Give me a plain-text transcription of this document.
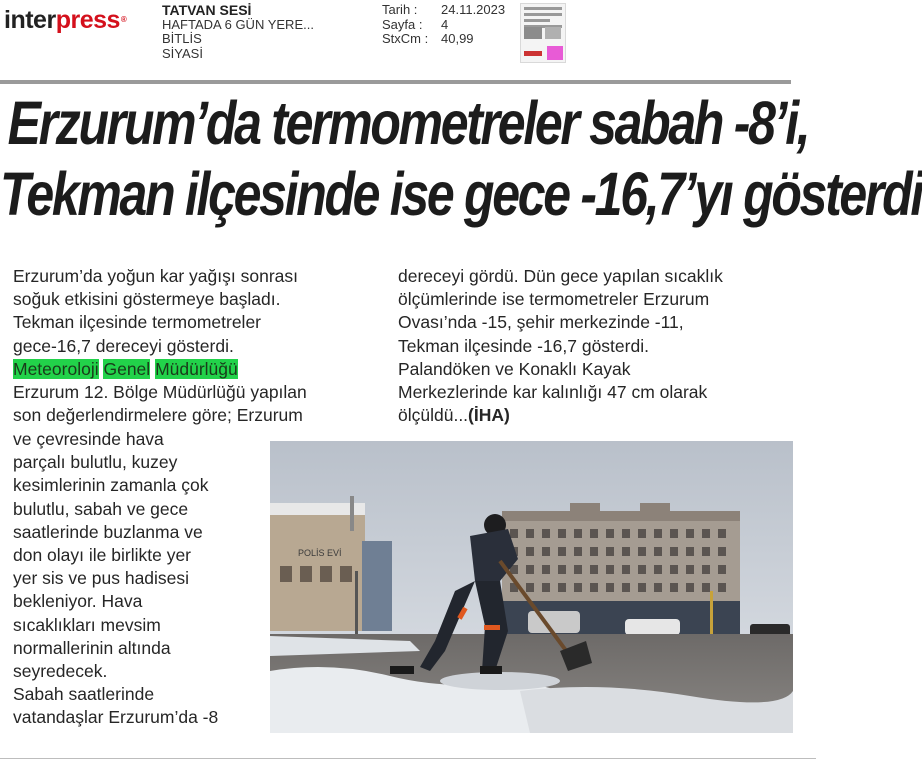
interpress®
TATVAN SESİ
HAFTADA 6 GÜN YERE...
BİTLİS
SİYASİ
Tarih :	24.11.2023
Sayfa :	4
StxCm : 40,99
Erzurum’da termometreler sabah -8’i,
Tekman ilçesinde ise gece -16,7’yı gösterdi
Erzurum’da yoğun kar yağışı sonrası
soğuk etkisini göstermeye başladı.
Tekman ilçesinde termometreler
gece-16,7 dereceyi gösterdi.
Meteoroloji Genel Müdürlüğü
Erzurum 12. Bölge Müdürlüğü yapılan
son değerlendirmelere göre; Erzurum
ve çevresinde hava
parçalı bulutlu, kuzey
kesimlerinin zamanla çok
bulutlu, sabah ve gece
saatlerinde buzlanma ve
don olayı ile birlikte yer
yer sis ve pus hadisesi
bekleniyor. Hava
sıcaklıkları mevsim
normallerinin altında
seyredecek.
Sabah saatlerinde
vatandaşlar Erzurum’da -8
dereceyi gördü. Dün gece yapılan sıcaklık
ölçümlerinde ise termometreler Erzurum
Ovası’nda -15, şehir merkezinde -11,
Tekman ilçesinde -16,7 gösterdi.
Palandöken ve Konaklı Kayak
Merkezlerinde kar kalınlığı 47 cm olarak
ölçüldü...(İHA)
POLİS EVİ
